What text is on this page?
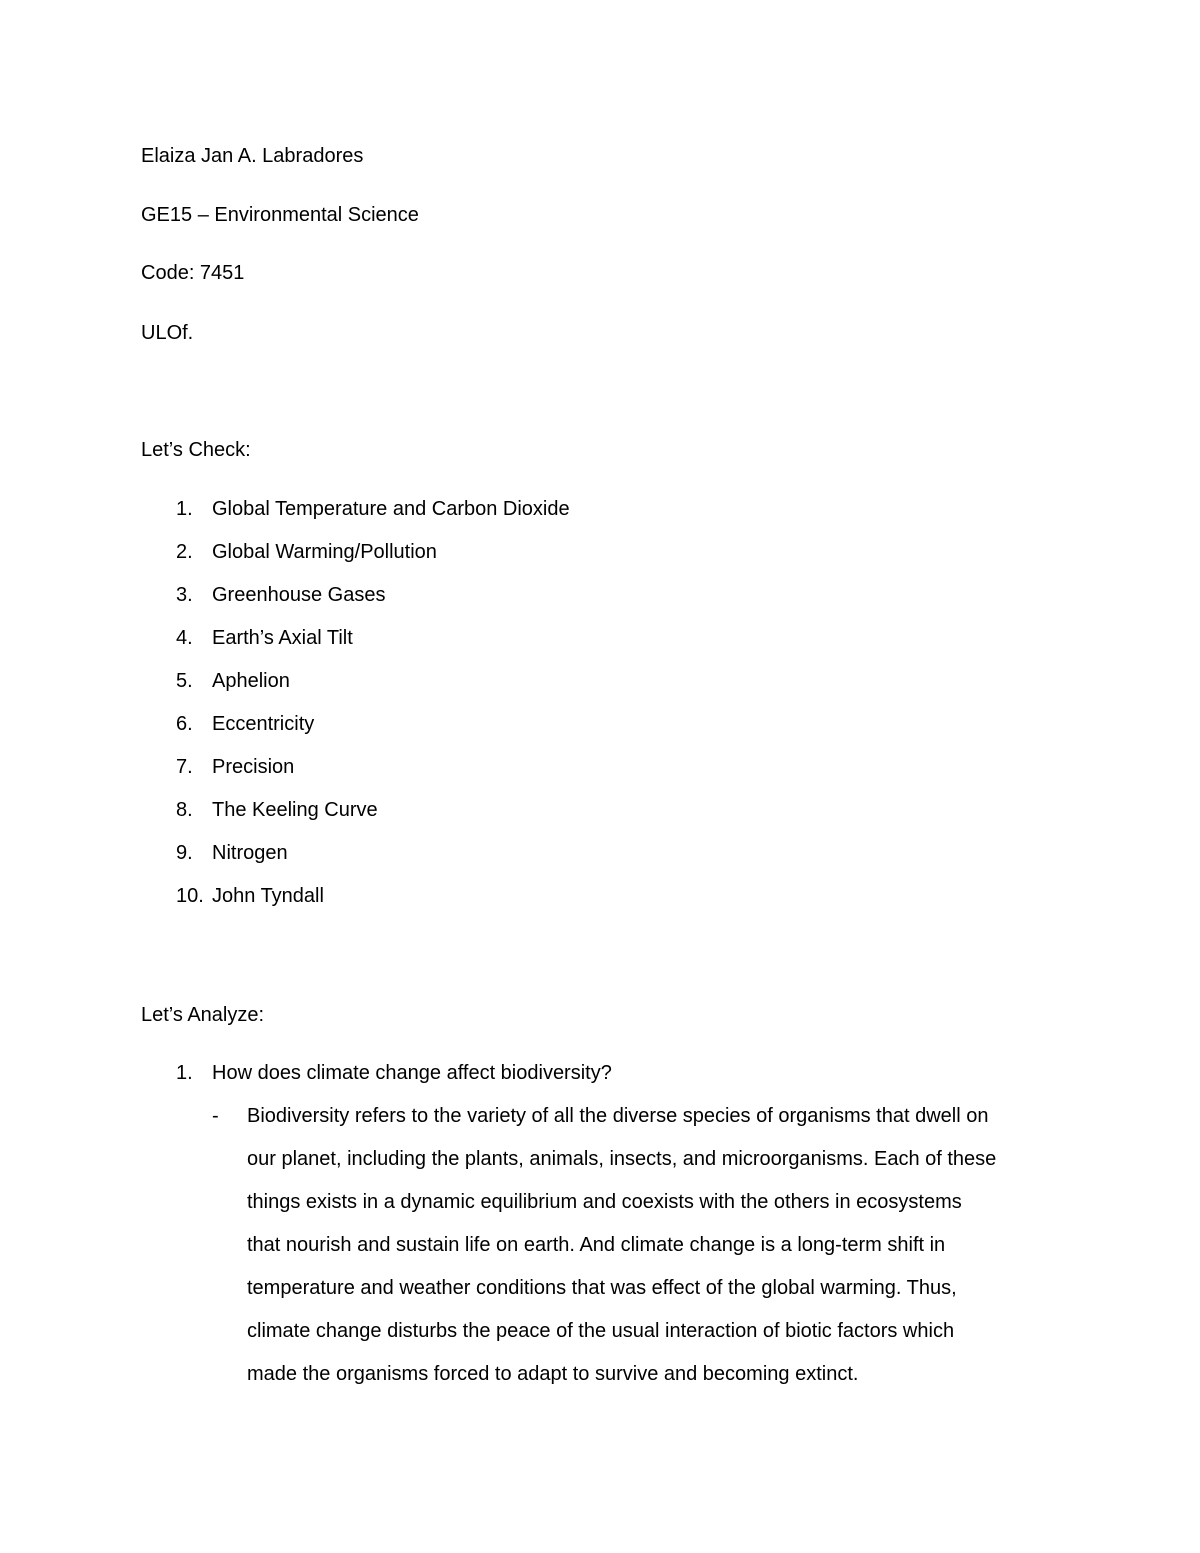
Elaiza Jan A. Labradores
GE15 – Environmental Science
Code: 7451
ULOf.
Let’s Check:
1. Global Temperature and Carbon Dioxide
2. Global Warming/Pollution
3. Greenhouse Gases
4. Earth’s Axial Tilt
5. Aphelion
6. Eccentricity
7. Precision
8. The Keeling Curve
9. Nitrogen
10. John Tyndall
Let’s Analyze:
1. How does climate change affect biodiversity?
- Biodiversity refers to the variety of all the diverse species of organisms that dwell on
our planet, including the plants, animals, insects, and microorganisms. Each of these
things exists in a dynamic equilibrium and coexists with the others in ecosystems
that nourish and sustain life on earth. And climate change is a long-term shift in
temperature and weather conditions that was effect of the global warming. Thus,
climate change disturbs the peace of the usual interaction of biotic factors which
made the organisms forced to adapt to survive and becoming extinct.
